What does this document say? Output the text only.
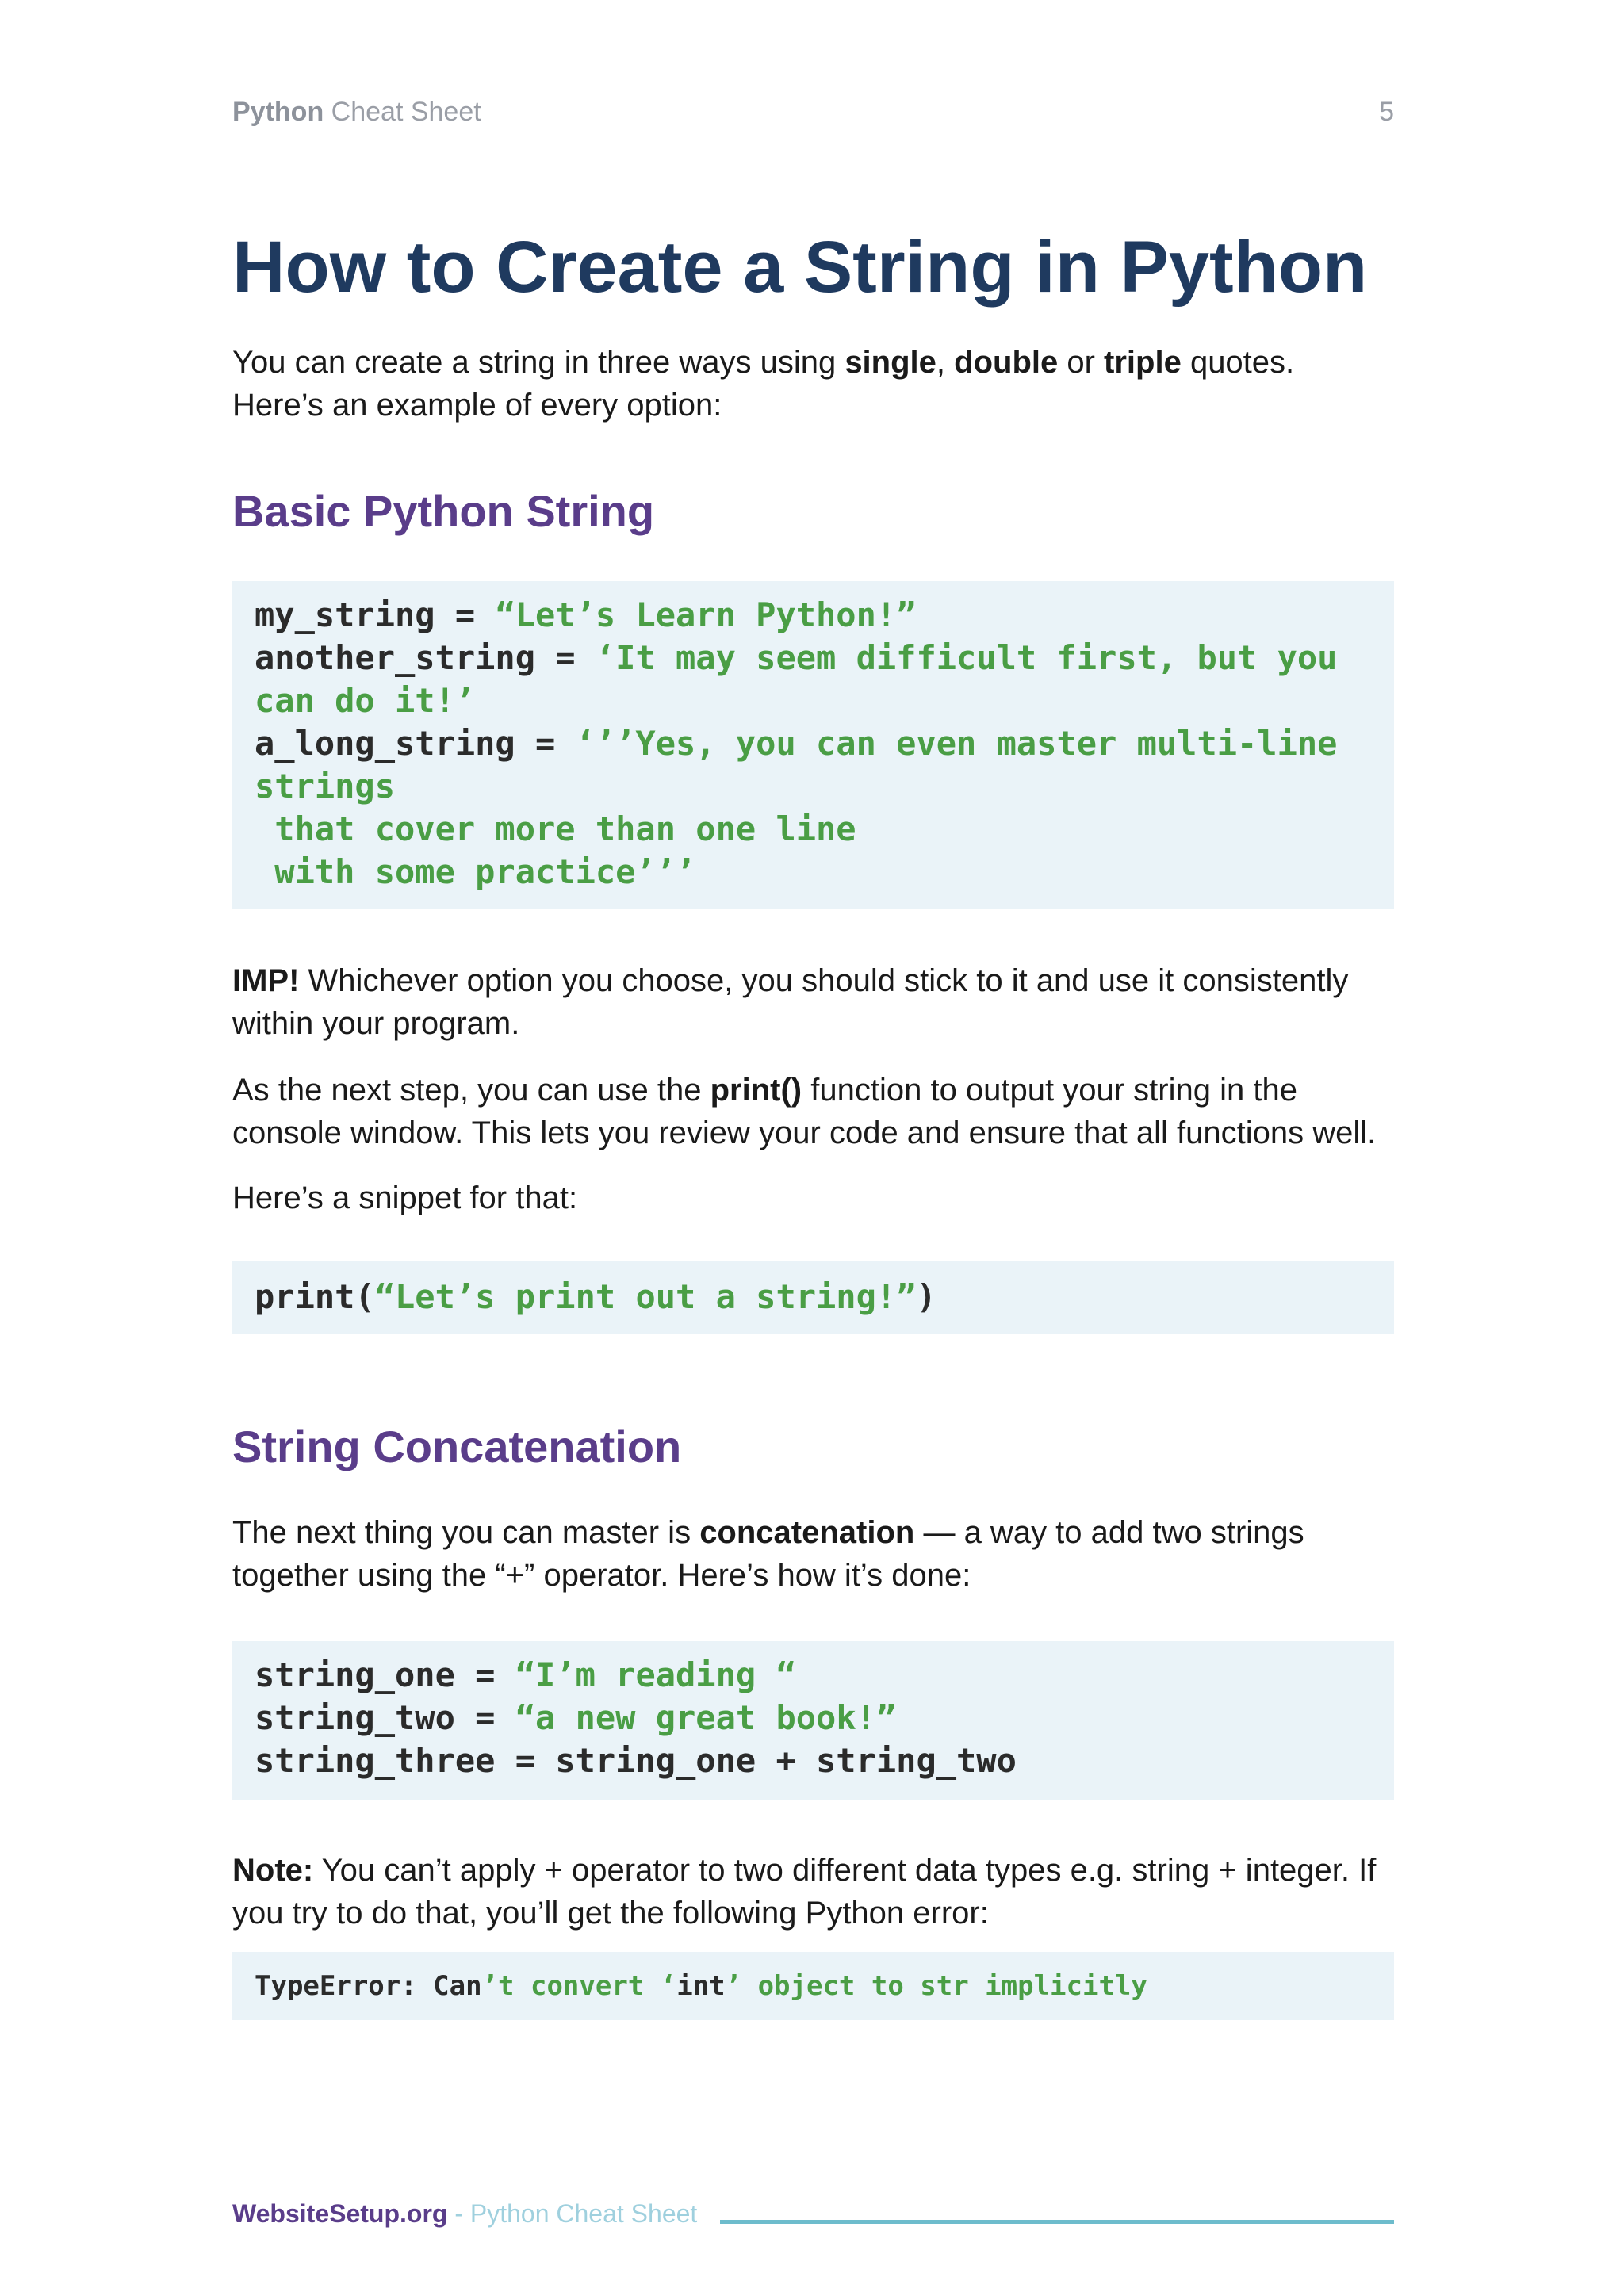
Python Cheat Sheet	5
How to Create a String in Python
You can create a string in three ways using single, double or triple quotes. Here’s an example of every option:
Basic Python String
my_string = “Let’s Learn Python!”
another_string = ‘It may seem difficult first, but you
can do it!’
a_long_string = ‘’’Yes, you can even master multi-line
strings
that cover more than one line
with some practice’’’
IMP! Whichever option you choose, you should stick to it and use it consistently within your program.
As the next step, you can use the print() function to output your string in the console window. This lets you review your code and ensure that all functions well.
Here’s a snippet for that:
print(“Let’s print out a string!”)
String Concatenation
The next thing you can master is concatenation — a way to add two strings together using the “+” operator. Here’s how it’s done:
string_one = “I’m reading “
string_two = “a new great book!”
string_three = string_one + string_two
Note: You can’t apply + operator to two different data types e.g. string + integer. If you try to do that, you’ll get the following Python error:
TypeError: Can’t convert ‘int’ object to str implicitly
WebsiteSetup.org - Python Cheat Sheet
